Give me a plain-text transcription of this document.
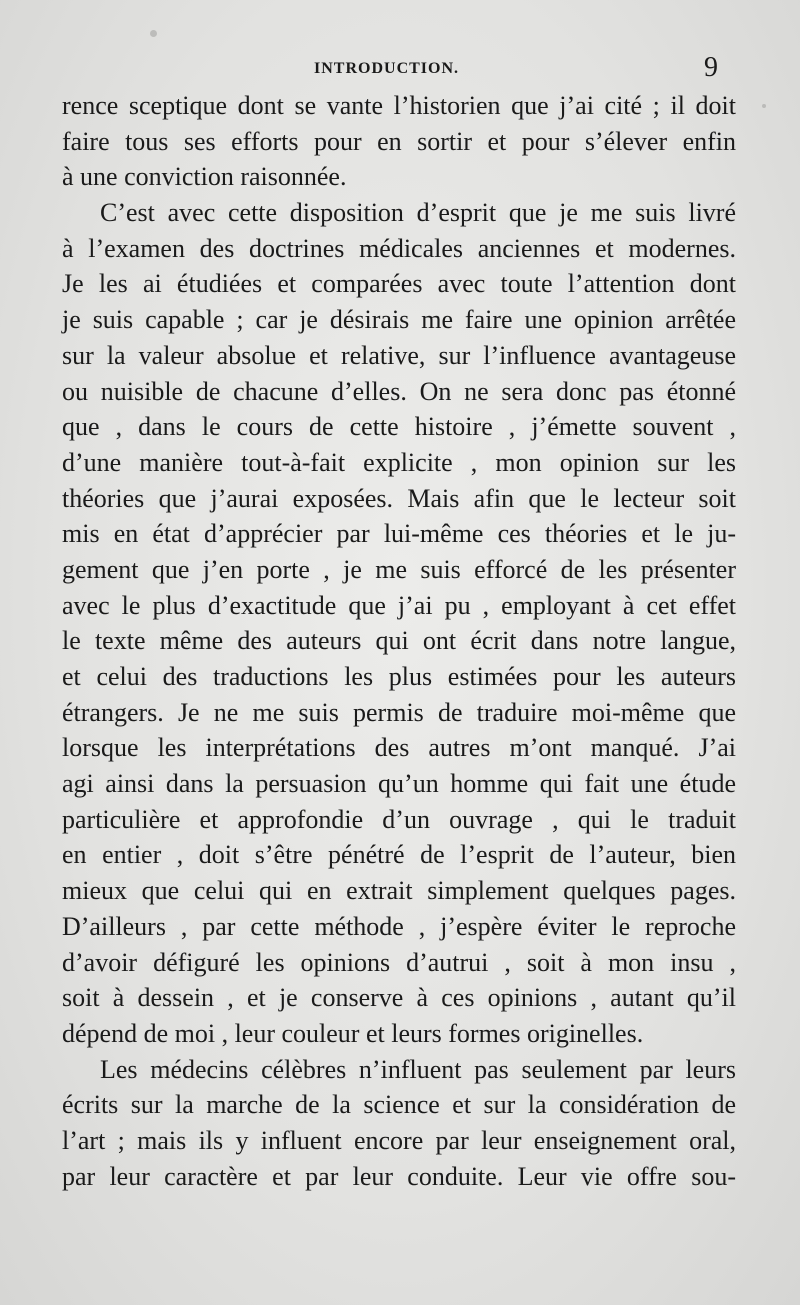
INTRODUCTION.	9
rence sceptique dont se vante l’historien que j’ai cité ; il doit
faire tous ses efforts pour en sortir et pour s’élever enfin
à une conviction raisonnée.
C’est avec cette disposition d’esprit que je me suis livré
à l’examen des doctrines médicales anciennes et modernes.
Je les ai étudiées et comparées avec toute l’attention dont
je suis capable ; car je désirais me faire une opinion arrêtée
sur la valeur absolue et relative, sur l’influence avantageuse
ou nuisible de chacune d’elles. On ne sera donc pas étonné
que , dans le cours de cette histoire , j’émette souvent ,
d’une manière tout-à-fait explicite , mon opinion sur les
théories que j’aurai exposées. Mais afin que le lecteur soit
mis en état d’apprécier par lui-même ces théories et le ju-
gement que j’en porte , je me suis efforcé de les présenter
avec le plus d’exactitude que j’ai pu , employant à cet effet
le texte même des auteurs qui ont écrit dans notre langue,
et celui des traductions les plus estimées pour les auteurs
étrangers. Je ne me suis permis de traduire moi-même que
lorsque les interprétations des autres m’ont manqué. J’ai
agi ainsi dans la persuasion qu’un homme qui fait une étude
particulière et approfondie d’un ouvrage , qui le traduit
en entier , doit s’être pénétré de l’esprit de l’auteur, bien
mieux que celui qui en extrait simplement quelques pages.
D’ailleurs , par cette méthode , j’espère éviter le reproche
d’avoir défiguré les opinions d’autrui , soit à mon insu ,
soit à dessein , et je conserve à ces opinions , autant qu’il
dépend de moi , leur couleur et leurs formes originelles.
Les médecins célèbres n’influent pas seulement par leurs
écrits sur la marche de la science et sur la considération de
l’art ; mais ils y influent encore par leur enseignement oral,
par leur caractère et par leur conduite. Leur vie offre sou-
